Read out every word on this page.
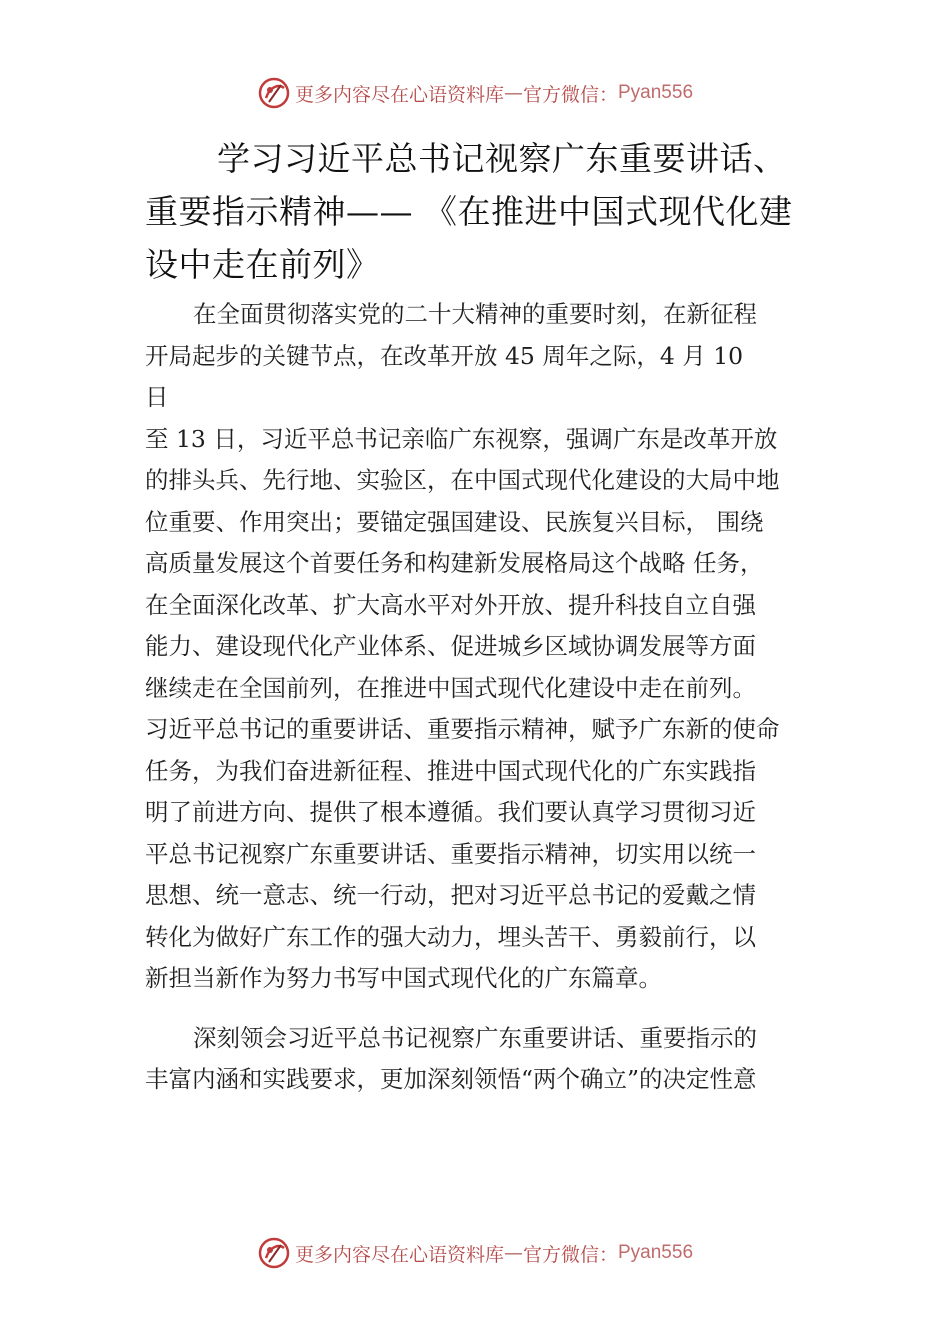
更多内容尽在心语资料库 — 官方微信： Pyan556
学习习近平总书记视察广东重要讲话、
重要指示精神—— 《在推进中国式现代化建
设中走在前列》
在全面贯彻落实党的二十大精神的重要时刻，在新征程
开局起步的关键节点，在改革开放 45 周年之际，4 月 10
日
至 13 日，习近平总书记亲临广东视察，强调广东是改革开放
的排头兵、先行地、实验区，在中国式现代化建设的大局中地
位重要、作用突出；要锚定强国建设、民族复兴目标， 围绕
高质量发展这个首要任务和构建新发展格局这个战略 任务，
在全面深化改革、扩大高水平对外开放、提升科技自立自强
能力、建设现代化产业体系、促进城乡区域协调发展等方面
继续走在全国前列，在推进中国式现代化建设中走在前列。
习近平总书记的重要讲话、重要指示精神，赋予广东新的使命
任务，为我们奋进新征程、推进中国式现代化的广东实践指
明了前进方向、提供了根本遵循。我们要认真学习贯彻习近
平总书记视察广东重要讲话、重要指示精神，切实用以统一
思想、统一意志、统一行动，把对习近平总书记的爱戴之情
转化为做好广东工作的强大动力，埋头苦干、勇毅前行，以
新担当新作为努力书写中国式现代化的广东篇章。
深刻领会习近平总书记视察广东重要讲话、重要指示的
丰富内涵和实践要求，更加深刻领悟“两个确立”的决定性意
更多内容尽在心语资料库 — 官方微信： Pyan556
